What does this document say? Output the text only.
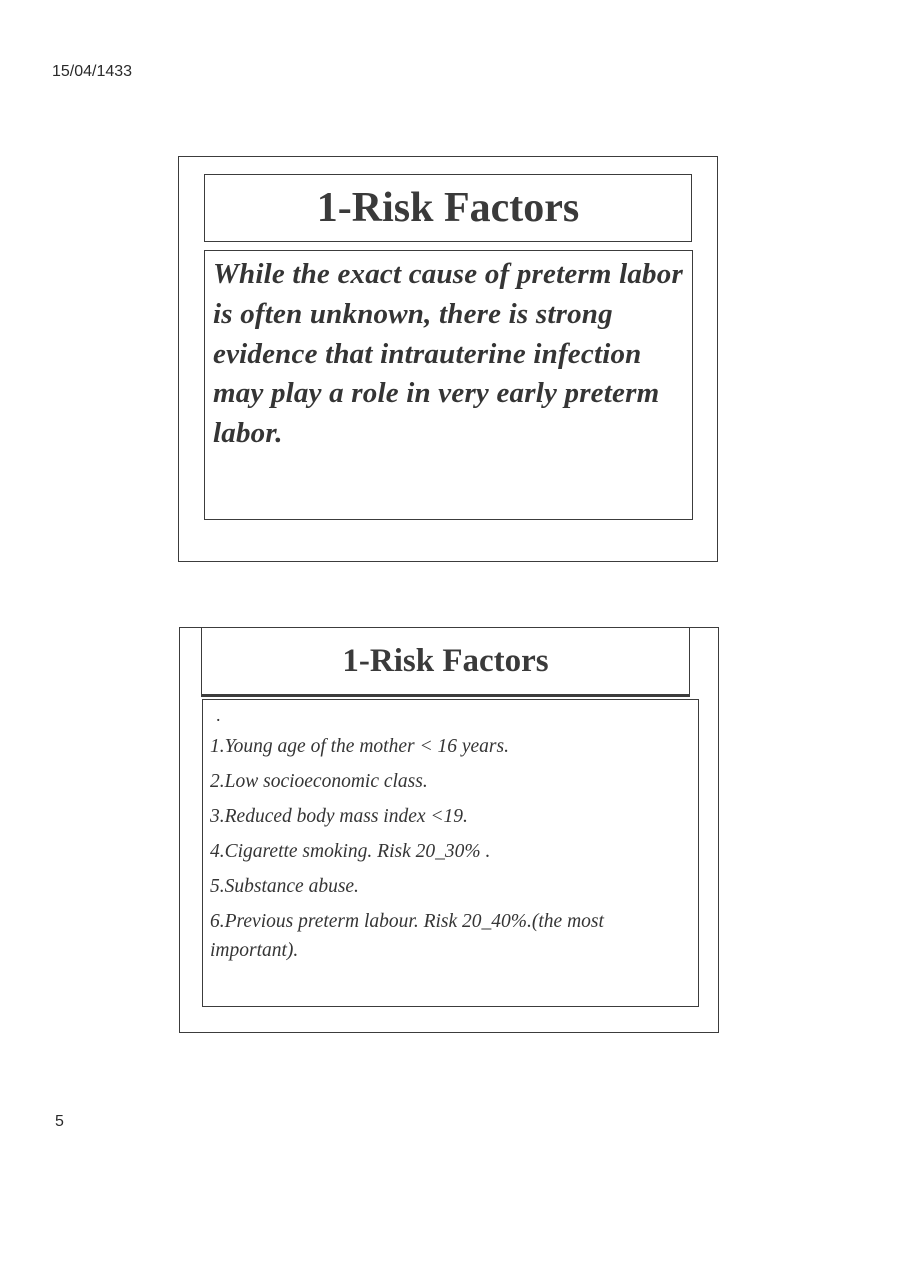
15/04/1433
1-Risk Factors

While the exact cause of preterm labor is often unknown, there is strong evidence that intrauterine infection may play a role in very early preterm labor.

1-Risk Factors
.
1.Young age of the mother < 16 years.
2.Low socioeconomic class.
3.Reduced body mass index <19.
4.Cigarette smoking. Risk 20_30% .
5.Substance abuse.
6.Previous preterm labour. Risk 20_40%.(the most important).
5
